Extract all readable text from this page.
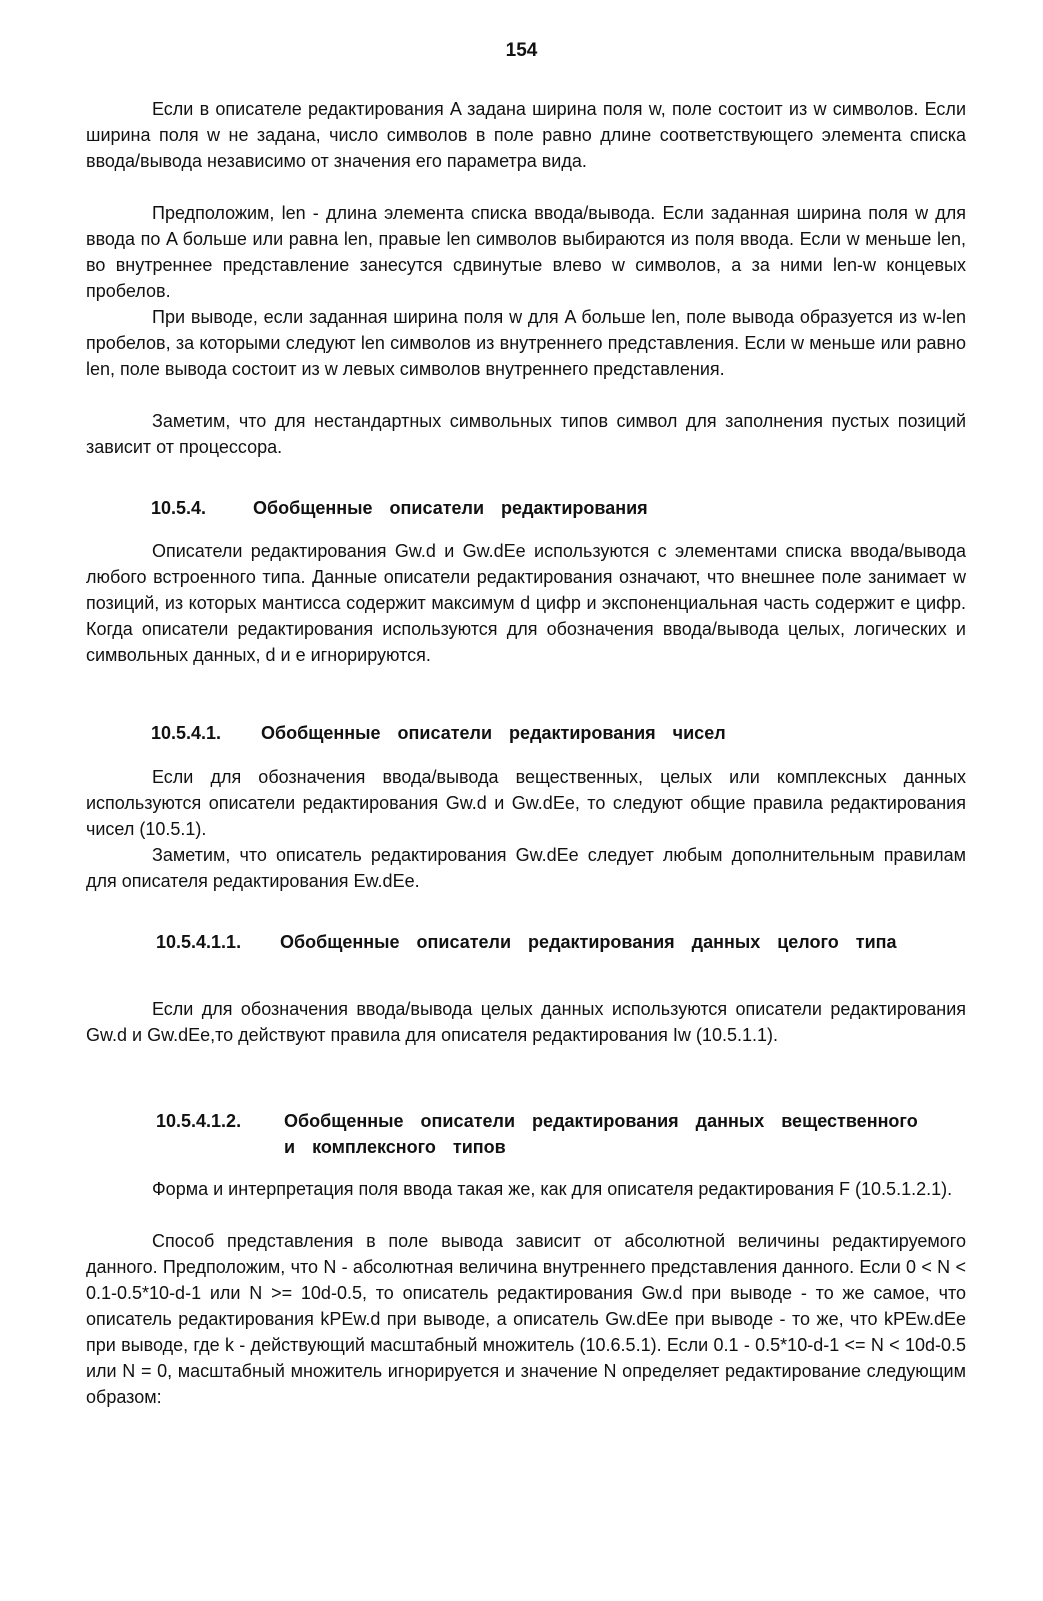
154

Если в описателе редактирования A задана ширина поля w, поле состоит из w символов. Если ширина поля w не задана, число символов в поле равно длине соответствующего элемента списка ввода/вывода независимо от значения его параметра вида.

Предположим, len - длина элемента списка ввода/вывода. Если заданная ширина поля w для ввода по A больше или равна len, правые len символов выбираются из поля ввода. Если w меньше len, во внутреннее представление занесутся сдвинутые влево w символов, а за ними len-w концевых пробелов.

При выводе, если заданная ширина поля w для A больше len, поле вывода образуется из w-len пробелов, за которыми следуют len символов из внутреннего представления. Если w меньше или равно len, поле вывода состоит из w левых символов внутреннего представления.

Заметим, что для нестандартных символьных типов символ для заполнения пустых позиций зависит от процессора.

10.5.4.	Обобщенные описатели редактирования

Описатели редактирования Gw.d и Gw.dEe используются с элементами списка ввода/вывода любого встроенного типа. Данные описатели редактирования означают, что внешнее поле занимает w позиций, из которых мантисса содержит максимум d цифр и экспоненциальная часть содержит e цифр. Когда описатели редактирования используются для обозначения ввода/вывода целых, логических и символьных данных, d и e игнорируются.

10.5.4.1. Обобщенные описатели редактирования чисел

Если для обозначения ввода/вывода вещественных, целых или комплексных данных используются описатели редактирования Gw.d и Gw.dEe, то следуют общие правила редактирования чисел (10.5.1).

Заметим, что описатель редактирования Gw.dEe следует любым дополнительным правилам для описателя редактирования Ew.dEe.

10.5.4.1.1. Обобщенные описатели редактирования данных целого типа

Если для обозначения ввода/вывода целых данных используются описатели редактирования Gw.d и Gw.dEe,то действуют правила для описателя редактирования Iw (10.5.1.1).

10.5.4.1.2. Обобщенные описатели редактирования данных вещественного и комплексного типов

Форма и интерпретация поля ввода такая же, как для описателя редактирования F (10.5.1.2.1).

Способ представления в поле вывода зависит от абсолютной величины редактируемого данного. Предположим, что N - абсолютная величина внутреннего представления данного. Если 0 < N < 0.1-0.5*10-d-1 или N >= 10d-0.5, то описатель редактирования Gw.d при выводе - то же самое, что описатель редактирования kPEw.d при выводе, а описатель Gw.dEe при выводе - то же, что kPEw.dEe при выводе, где k - действующий масштабный множитель (10.6.5.1). Если 0.1 - 0.5*10-d-1 <= N < 10d-0.5 или N = 0, масштабный множитель игнорируется и значение N определяет редактирование следующим образом:
